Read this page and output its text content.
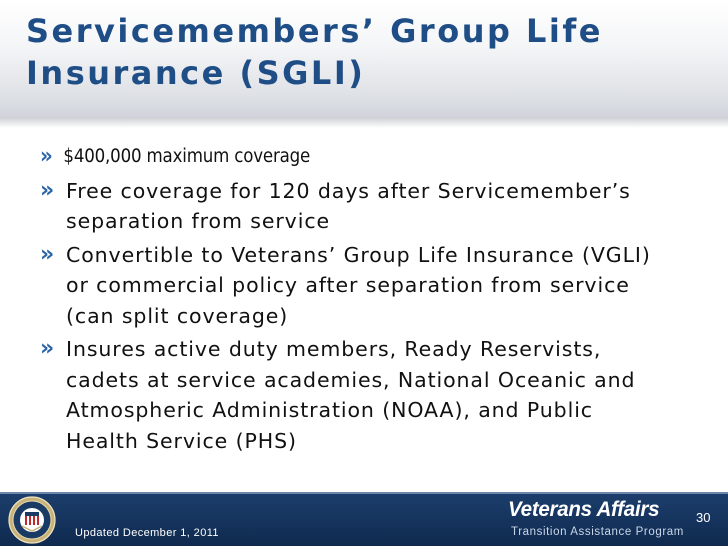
Servicemembers’ Group Life
Insurance (SGLI)
» $400,000 maximum coverage
» Free coverage for 120 days after Servicemember’s
separation from service
» Convertible to Veterans’ Group Life Insurance (VGLI)
or commercial policy after separation from service
(can split coverage)
» Insures active duty members, Ready Reservists,
cadets at service academies, National Oceanic and
Atmospheric Administration (NOAA), and Public
Health Service (PHS)
Updated December 1, 2011
Veterans Affairs
Transition Assistance Program
30
